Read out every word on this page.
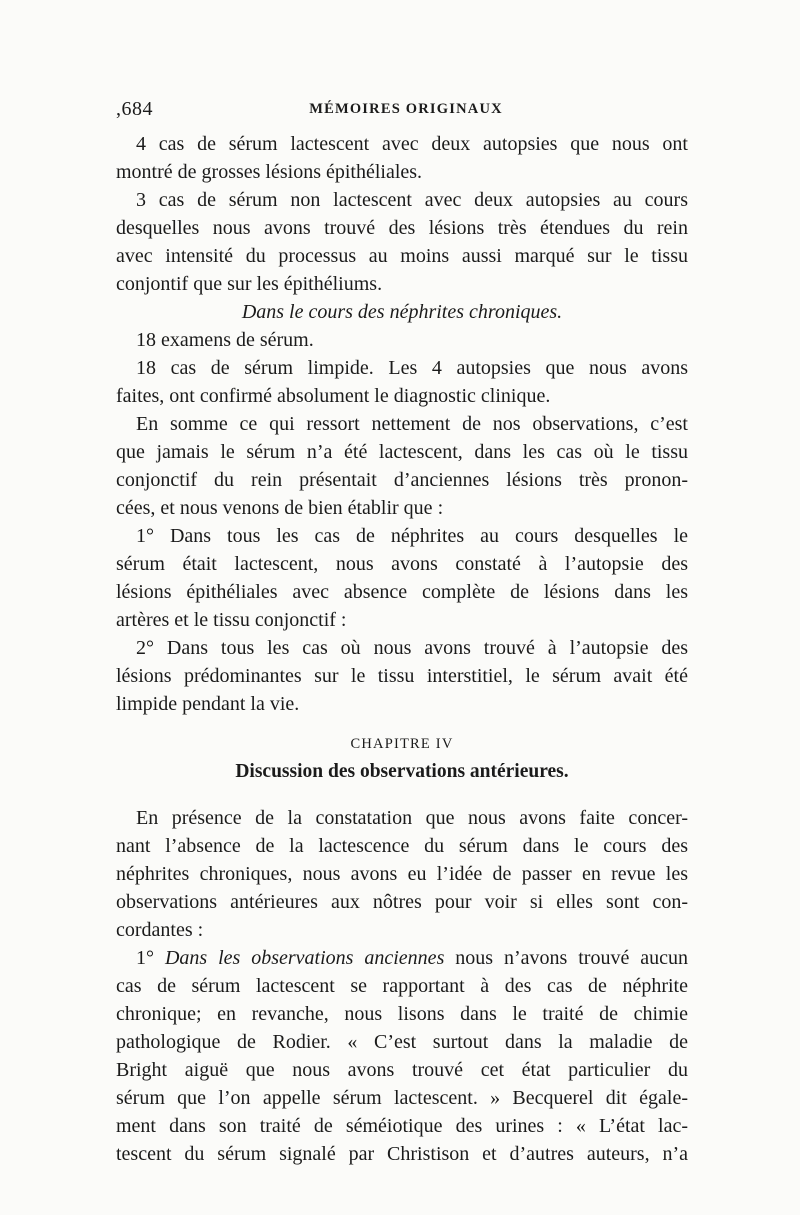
,684	MÉMOIRES ORIGINAUX
4 cas de sérum lactescent avec deux autopsies que nous ont
montré de grosses lésions épithéliales.
3 cas de sérum non lactescent avec deux autopsies au cours
desquelles nous avons trouvé des lésions très étendues du rein
avec intensité du processus au moins aussi marqué sur le tissu
conjontif que sur les épithéliums.
Dans le cours des néphrites chroniques.
18 examens de sérum.
18 cas de sérum limpide. Les 4 autopsies que nous avons
faites, ont confirmé absolument le diagnostic clinique.
En somme ce qui ressort nettement de nos observations, c’est
que jamais le sérum n’a été lactescent, dans les cas où le tissu
conjonctif du rein présentait d’anciennes lésions très pronon-
cées, et nous venons de bien établir que :
1° Dans tous les cas de néphrites au cours desquelles le
sérum était lactescent, nous avons constaté à l’autopsie des
lésions épithéliales avec absence complète de lésions dans les
artères et le tissu conjonctif :
2° Dans tous les cas où nous avons trouvé à l’autopsie des
lésions prédominantes sur le tissu interstitiel, le sérum avait été
limpide pendant la vie.
CHAPITRE IV
Discussion des observations antérieures.
En présence de la constatation que nous avons faite concer-
nant l’absence de la lactescence du sérum dans le cours des
néphrites chroniques, nous avons eu l’idée de passer en revue les
observations antérieures aux nôtres pour voir si elles sont con-
cordantes :
1° Dans les observations anciennes nous n’avons trouvé aucun
cas de sérum lactescent se rapportant à des cas de néphrite
chronique; en revanche, nous lisons dans le traité de chimie
pathologique de Rodier. « C’est surtout dans la maladie de
Bright aiguë que nous avons trouvé cet état particulier du
sérum que l’on appelle sérum lactescent. » Becquerel dit égale-
ment dans son traité de séméiotique des urines : « L’état lac-
tescent du sérum signalé par Christison et d’autres auteurs, n’a
